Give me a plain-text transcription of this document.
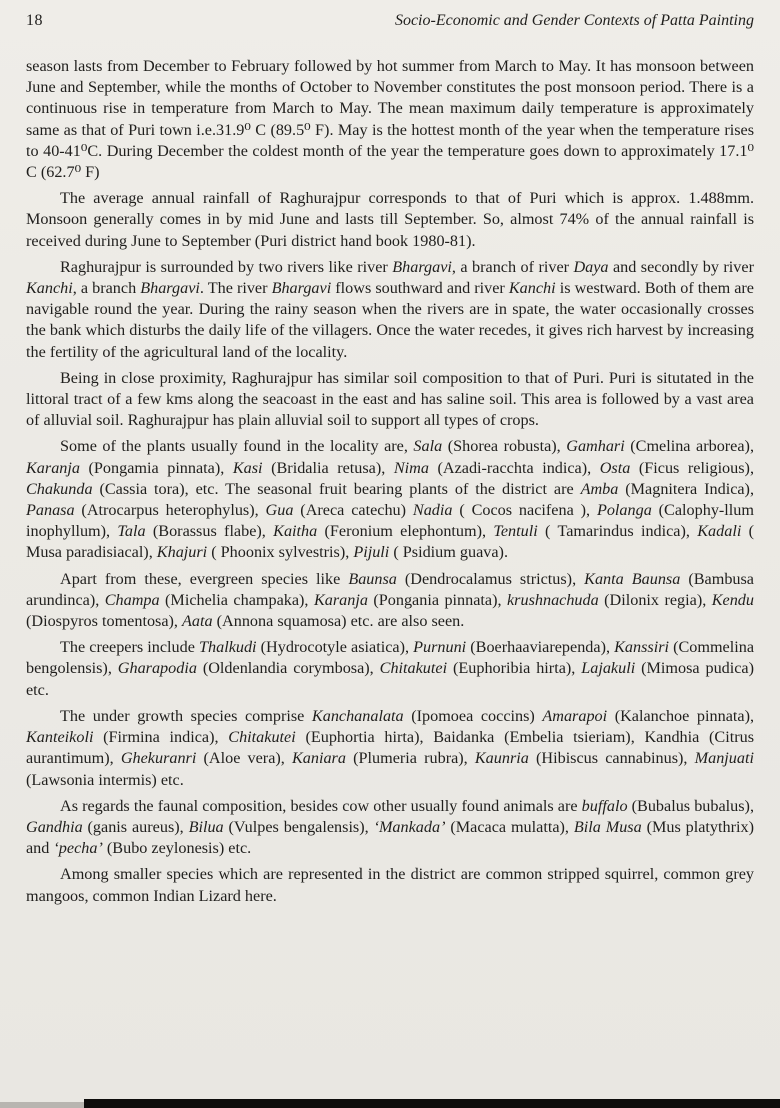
18	Socio-Economic and Gender Contexts of Patta Painting

season lasts from December to February followed by hot summer from March to May. It has monsoon between June and September, while the months of October to November constitutes the post monsoon period. There is a continuous rise in temperature from March to May. The mean maximum daily temperature is approximately same as that of Puri town i.e.31.9⁰ C (89.5⁰ F). May is the hottest month of the year when the temperature rises to 40-41⁰C. During December the coldest month of the year the temperature goes down to approximately 17.1⁰ C (62.7⁰ F)

The average annual rainfall of Raghurajpur corresponds to that of Puri which is approx. 1.488mm. Monsoon generally comes in by mid June and lasts till September. So, almost 74% of the annual rainfall is received during June to September (Puri district hand book 1980-81).

Raghurajpur is surrounded by two rivers like river Bhargavi, a branch of river Daya and secondly by river Kanchi, a branch Bhargavi. The river Bhargavi flows southward and river Kanchi is westward. Both of them are navigable round the year. During the rainy season when the rivers are in spate, the water occasionally crosses the bank which disturbs the daily life of the villagers. Once the water recedes, it gives rich harvest by increasing the fertility of the agricultural land of the locality.

Being in close proximity, Raghurajpur has similar soil composition to that of Puri. Puri is situtated in the littoral tract of a few kms along the seacoast in the east and has saline soil. This area is followed by a vast area of alluvial soil. Raghurajpur has plain alluvial soil to support all types of crops.

Some of the plants usually found in the locality are, Sala (Shorea robusta), Gamhari (Cmelina arborea), Karanja (Pongamia pinnata), Kasi (Bridalia retusa), Nima (Azadi-racchta indica), Osta (Ficus religious), Chakunda (Cassia tora), etc. The seasonal fruit bearing plants of the district are Amba (Magnitera Indica), Panasa (Atrocarpus heterophylus), Gua (Areca catechu) Nadia ( Cocos nacifena ), Polanga (Calophy-llum inophyllum), Tala (Borassus flabe), Kaitha (Feronium elephontum), Tentuli ( Tamarindus indica), Kadali ( Musa paradisiacal), Khajuri ( Phoonix sylvestris), Pijuli ( Psidium guava).

Apart from these, evergreen species like Baunsa (Dendrocalamus strictus), Kanta Baunsa (Bambusa arundinca), Champa (Michelia champaka), Karanja (Pongania pinnata), krushnachuda (Dilonix regia), Kendu (Diospyros tomentosa), Aata (Annona squamosa) etc. are also seen.

The creepers include Thalkudi (Hydrocotyle asiatica), Purnuni (Boerhaaviarependa), Kanssiri (Commelina bengolensis), Gharapodia (Oldenlandia corymbosa), Chitakutei (Euphoribia hirta), Lajakuli (Mimosa pudica) etc.

The under growth species comprise Kanchanalata (Ipomoea coccins) Amarapoi (Kalanchoe pinnata), Kanteikoli (Firmina indica), Chitakutei (Euphortia hirta), Baidanka (Embelia tsieriam), Kandhia (Citrus aurantimum), Ghekuranri (Aloe vera), Kaniara (Plumeria rubra), Kaunria (Hibiscus cannabinus), Manjuati (Lawsonia intermis) etc.

As regards the faunal composition, besides cow other usually found animals are buffalo (Bubalus bubalus), Gandhia (ganis aureus), Bilua (Vulpes bengalensis), ‘Mankada’ (Macaca mulatta), Bila Musa (Mus platythrix) and ‘pecha’ (Bubo zeylonesis) etc.

Among smaller species which are represented in the district are common stripped squirrel, common grey mangoos, common Indian Lizard here.
